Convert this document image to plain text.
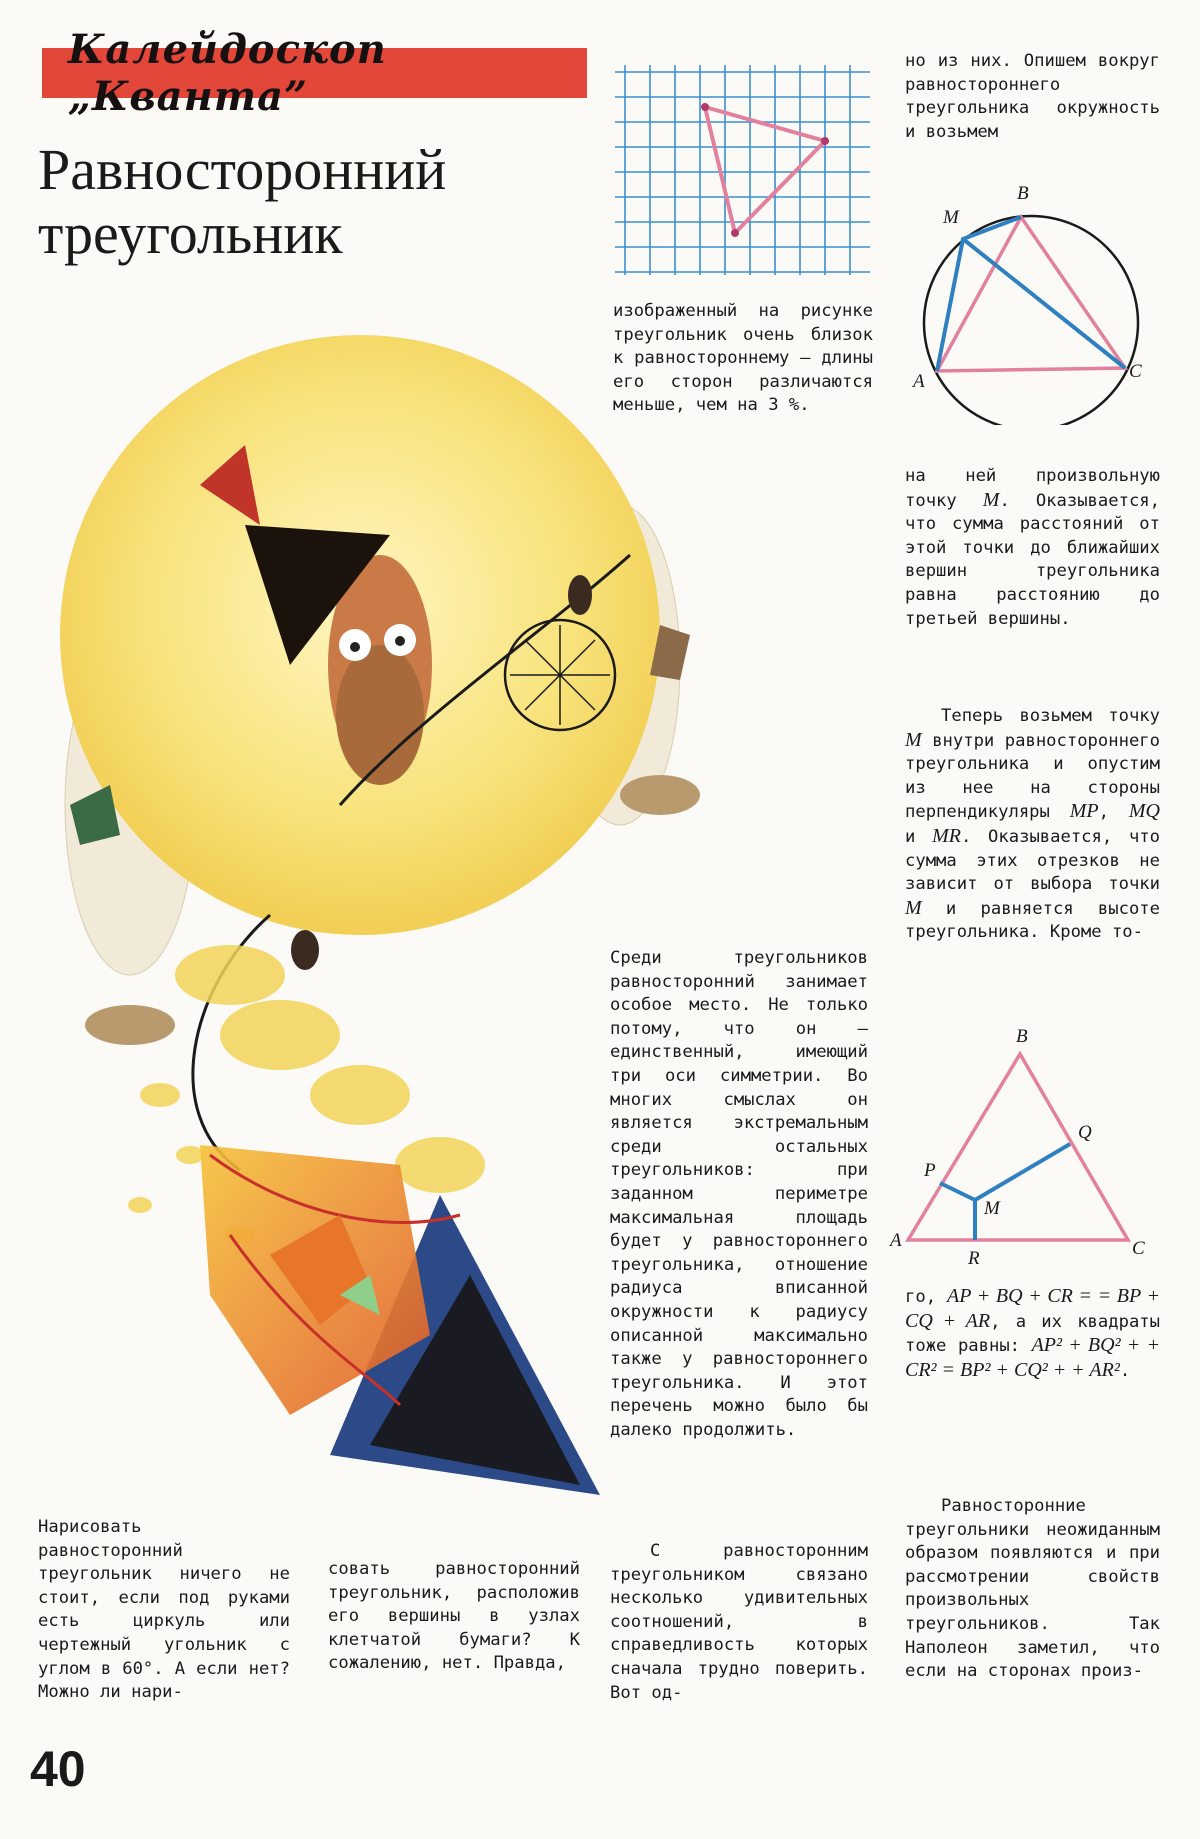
Калейдоскоп „Кванта”
Равносторонний
треугольник	M
B
A	C
B
Q
P
M
A	C
R

изображенный на рисунке треугольник очень близок к равностороннему — длины его сторон различаются меньше, чем на 3 %.

Среди треугольников равносторонний занимает особое место. Не только потому, что он — единственный, имеющий три оси симметрии. Во многих смыслах он является экстремальным среди остальных треугольников: при заданном периметре максимальная площадь будет у равностороннего треугольника, отношение радиуса вписанной окружности к радиусу описанной максимально также у равностороннего треугольника. И этот перечень можно было бы далеко продолжить.

С равносторонним треугольником связано несколько удивительных соотношений, в справедливость которых сначала трудно поверить. Вот од-

Нарисовать равносторонний треугольник ничего не стоит, если под руками есть циркуль или чертежный угольник с углом в 60°. А если нет? Можно ли нари-

совать равносторонний треугольник, расположив его вершины в узлах клетчатой бумаги? К сожалению, нет. Правда,

но из них. Опишем вокруг равностороннего треугольника окружность и возьмем

на ней произвольную точку M. Оказывается, что сумма расстояний от этой точки до ближайших вершин треугольника равна расстоянию до третьей вершины.

Теперь возьмем точку M внутри равностороннего треугольника и опустим из нее на стороны перпендикуляры MP, MQ и MR. Оказывается, что сумма этих отрезков не зависит от выбора точки M и равняется высоте треугольника. Кроме то-

го, AP + BQ + CR = = BP + CQ + AR, а их квадраты тоже равны: AP² + BQ² + + CR² = BP² + CQ² + + AR².

Равносторонние треугольники неожиданным образом появляются и при рассмотрении свойств произвольных треугольников. Так Наполеон заметил, что если на сторонах произ-

40
